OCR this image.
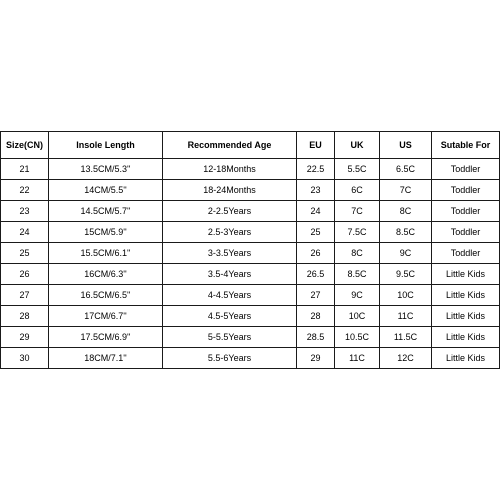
Size(CN)	Insole Length	Recommended Age	EU	UK	US	Sutable For
21	13.5CM/5.3''	12-18Months	22.5	5.5C	6.5C	Toddler
22	14CM/5.5''	18-24Months	23	6C	7C	Toddler
23	14.5CM/5.7''	2-2.5Years	24	7C	8C	Toddler
24	15CM/5.9''	2.5-3Years	25	7.5C	8.5C	Toddler
25	15.5CM/6.1''	3-3.5Years	26	8C	9C	Toddler
26	16CM/6.3''	3.5-4Years	26.5	8.5C	9.5C	Little Kids
27	16.5CM/6.5''	4-4.5Years	27	9C	10C	Little Kids
28	17CM/6.7''	4.5-5Years	28	10C	11C	Little Kids
29	17.5CM/6.9''	5-5.5Years	28.5	10.5C	11.5C	Little Kids
30	18CM/7.1''	5.5-6Years	29	11C	12C	Little Kids
